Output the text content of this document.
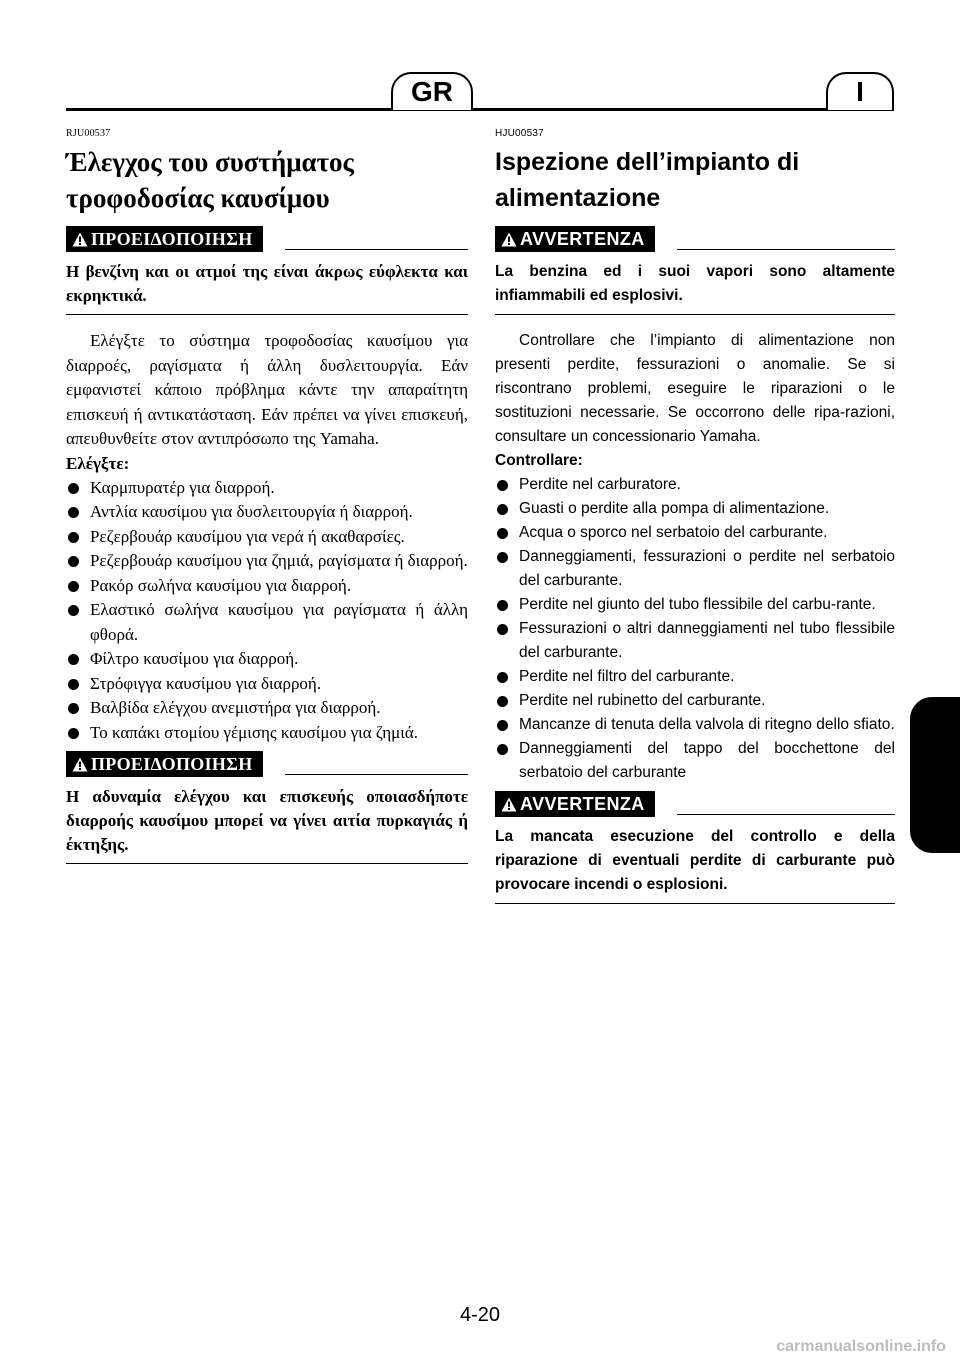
GR	I
RJU00537
Έλεγχος του συστήματος τροφοδοσίας καυσίμου
ΠΡΟΕΙΔΟΠΟΙΗΣΗ

Η βενζίνη και οι ατμοί της είναι άκρως εύφλεκτα και εκρηκτικά.

Ελέγξτε το σύστημα τροφοδοσίας καυσίμου για διαρροές, ραγίσματα ή άλλη δυσλειτουργία. Εάν εμφανιστεί κάποιο πρόβλημα κάντε την απαραίτητη επισκευή ή αντικατάσταση. Εάν πρέπει να γίνει επισκευή, απευθυνθείτε στον αντιπρόσωπο της Yamaha.

Ελέγξτε:

Καρμπυρατέρ για διαρροή.
Αντλία καυσίμου για δυσλειτουργία ή διαρροή.
Ρεζερβουάρ καυσίμου για νερά ή ακαθαρσίες.
Ρεζερβουάρ καυσίμου για ζημιά, ραγίσματα ή διαρροή.
Ρακόρ σωλήνα καυσίμου για διαρροή.
Ελαστικό σωλήνα καυσίμου για ραγίσματα ή άλλη φθορά.
Φίλτρο καυσίμου για διαρροή.
Στρόφιγγα καυσίμου για διαρροή.
Βαλβίδα ελέγχου ανεμιστήρα για διαρροή.
Το καπάκι στομίου γέμισης καυσίμου για ζημιά.
ΠΡΟΕΙΔΟΠΟΙΗΣΗ

Η αδυναμία ελέγχου και επισκευής οποιασδήποτε διαρροής καυσίμου μπορεί να γίνει αιτία πυρκαγιάς ή έκτηξης.

HJU00537
Ispezione dell’impianto di alimentazione
AVVERTENZA

La benzina ed i suoi vapori sono altamente infiammabili ed esplosivi.

Controllare che l’impianto di alimentazione non presenti perdite, fessurazioni o anomalie. Se si riscontrano problemi, eseguire le riparazioni o le sostituzioni necessarie. Se occorrono delle ripa-razioni, consultare un concessionario Yamaha.

Controllare:

Perdite nel carburatore.
Guasti o perdite alla pompa di alimentazione.
Acqua o sporco nel serbatoio del carburante.
Danneggiamenti, fessurazioni o perdite nel serbatoio del carburante.
Perdite nel giunto del tubo flessibile del carbu-rante.
Fessurazioni o altri danneggiamenti nel tubo flessibile del carburante.
Perdite nel filtro del carburante.
Perdite nel rubinetto del carburante.
Mancanze di tenuta della valvola di ritegno dello sfiato.
Danneggiamenti del tappo del bocchettone del serbatoio del carburante
AVVERTENZA

La mancata esecuzione del controllo e della riparazione di eventuali perdite di carburante può provocare incendi o esplosioni.

4-20
carmanualsonline.info
